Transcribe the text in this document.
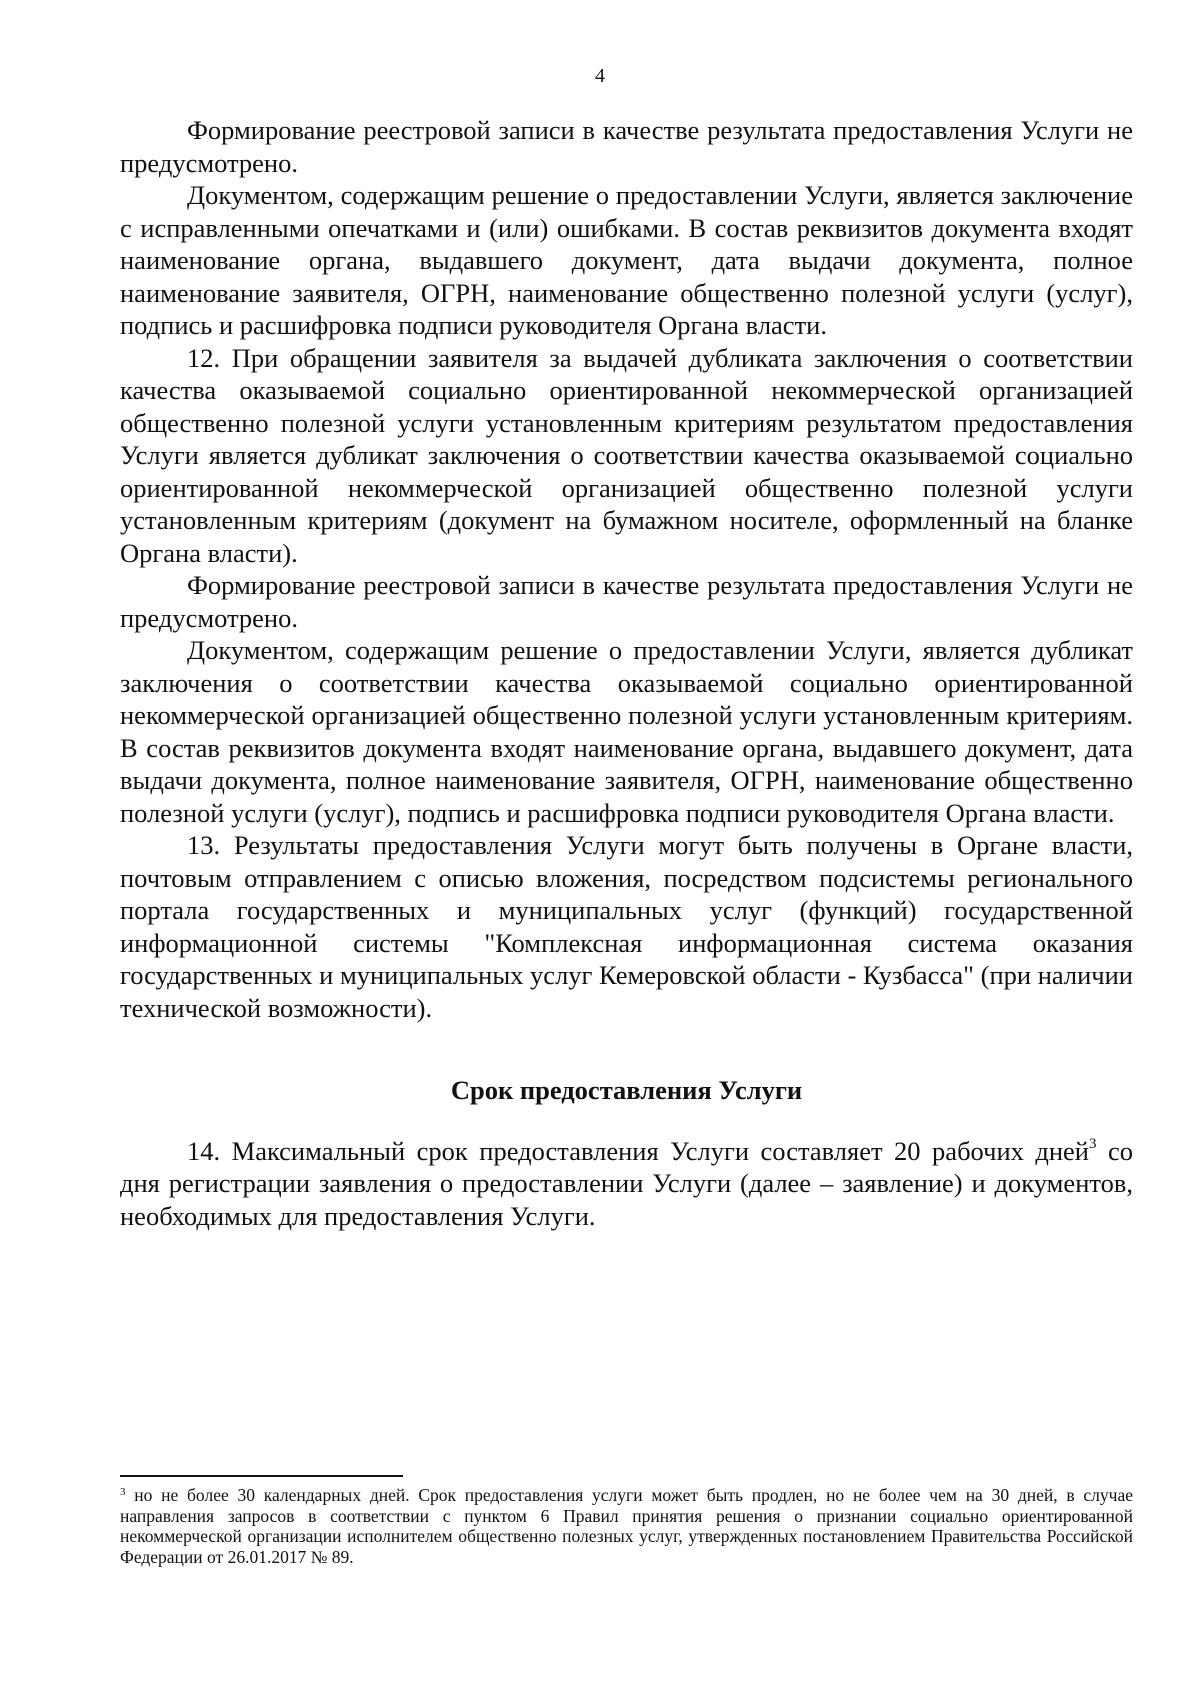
4

Формирование реестровой записи в качестве результата предоставления Услуги не предусмотрено.

Документом, содержащим решение о предоставлении Услуги, является заключение с исправленными опечатками и (или) ошибками. В состав реквизитов документа входят наименование органа, выдавшего документ, дата выдачи документа, полное наименование заявителя, ОГРН, наименование общественно полезной услуги (услуг), подпись и расшифровка подписи руководителя Органа власти.

12. При обращении заявителя за выдачей дубликата заключения о соответствии качества оказываемой социально ориентированной некоммерческой организацией общественно полезной услуги установленным критериям результатом предоставления Услуги является дубликат заключения о соответствии качества оказываемой социально ориентированной некоммерческой организацией общественно полезной услуги установленным критериям (документ на бумажном носителе, оформленный на бланке Органа власти).

Формирование реестровой записи в качестве результата предоставления Услуги не предусмотрено.

Документом, содержащим решение о предоставлении Услуги, является дубликат заключения о соответствии качества оказываемой социально ориентированной некоммерческой организацией общественно полезной услуги установленным критериям. В состав реквизитов документа входят наименование органа, выдавшего документ, дата выдачи документа, полное наименование заявителя, ОГРН, наименование общественно полезной услуги (услуг), подпись и расшифровка подписи руководителя Органа власти.

13. Результаты предоставления Услуги могут быть получены в Органе власти, почтовым отправлением с описью вложения, посредством подсистемы регионального портала государственных и муниципальных услуг (функций) государственной информационной системы "Комплексная информационная система оказания государственных и муниципальных услуг Кемеровской области - Кузбасса" (при наличии технической возможности).

Срок предоставления Услуги

14. Максимальный срок предоставления Услуги составляет 20 рабочих дней$^3$ со дня регистрации заявления о предоставлении Услуги (далее – заявление) и документов, необходимых для предоставления Услуги.

$^3$ но не более 30 календарных дней. Срок предоставления услуги может быть продлен, но не более чем на 30 дней, в случае направления запросов в соответствии с пунктом 6 Правил принятия решения о признании социально ориентированной некоммерческой организации исполнителем общественно полезных услуг, утвержденных постановлением Правительства Российской Федерации от 26.01.2017 № 89.
